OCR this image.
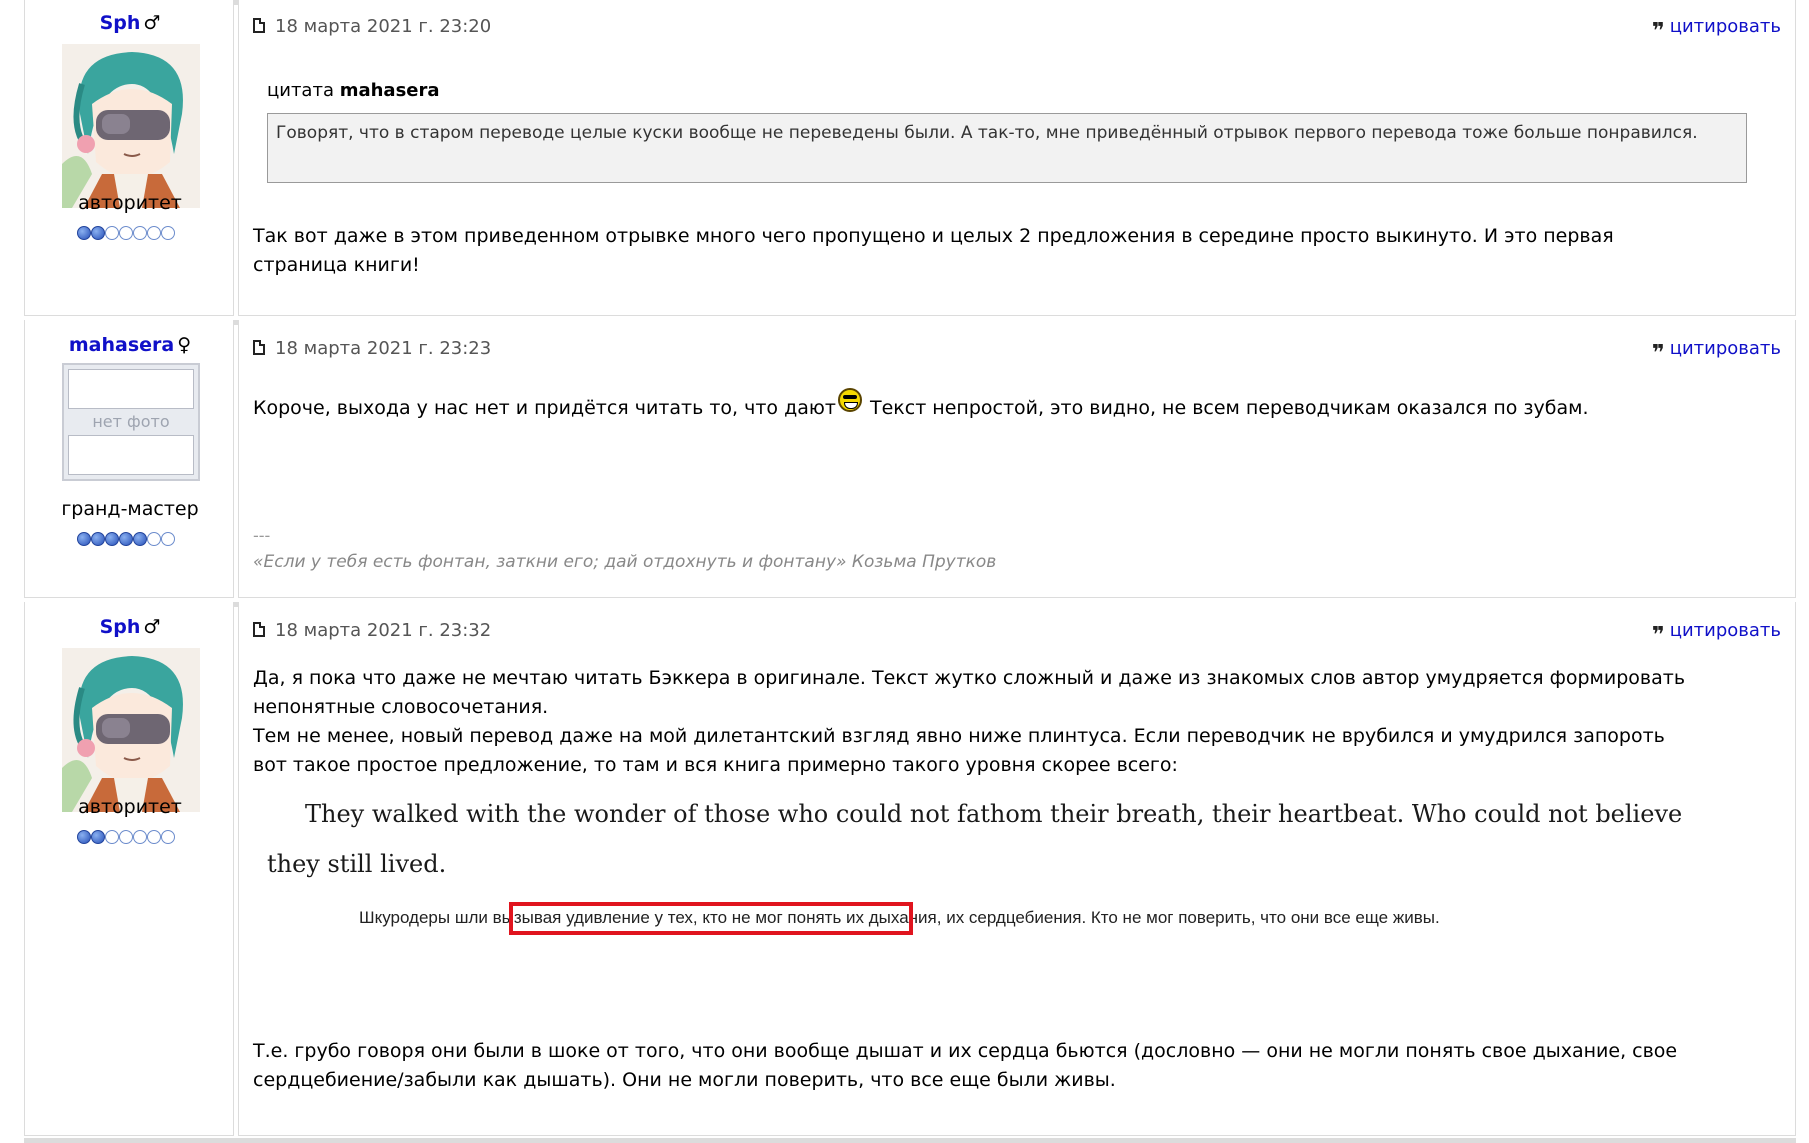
Sph ♂
авторитет
18 марта 2021 г. 23:20	❞ цитировать
цитата mahasera
Говорят, что в старом переводе целые куски вообще не переведены были. А так-то, мне приведённый отрывок первого перевода тоже больше понравился.
Так вот даже в этом приведенном отрывке много чего пропущено и целых 2 предложения в середине просто выкинуто. И это первая
страница книги!
mahasera ♀
нет фото
гранд-мастер
18 марта 2021 г. 23:23	❞ цитировать
Короче, выхода у нас нет и придётся читать то, что дают Текст непростой, это видно, не всем переводчикам оказался по зубам.
---
«Если у тебя есть фонтан, заткни его; дай отдохнуть и фонтану» Козьма Прутков
Sph ♂
авторитет
18 марта 2021 г. 23:32	❞ цитировать
Да, я пока что даже не мечтаю читать Бэккера в оригинале. Текст жутко сложный и даже из знакомых слов автор умудряется формировать
непонятные словосочетания.
Тем не менее, новый перевод даже на мой дилетантский взгляд явно ниже плинтуса. Если переводчик не врубился и умудрился запороть
вот такое простое предложение, то там и вся книга примерно такого уровня скорее всего:
They walked with the wonder of those who could not fathom their breath, their heartbeat. Who could not believe
they still lived.
Шкуродеры шли вызывая удивление у тех, кто не мог понять их дыхания, их сердцебиения. Кто не мог поверить, что они все еще живы.
Т.е. грубо говоря они были в шоке от того, что они вообще дышат и их сердца бьются (дословно — они не могли понять свое дыхание, свое
сердцебиение/забыли как дышать). Они не могли поверить, что все еще были живы.
